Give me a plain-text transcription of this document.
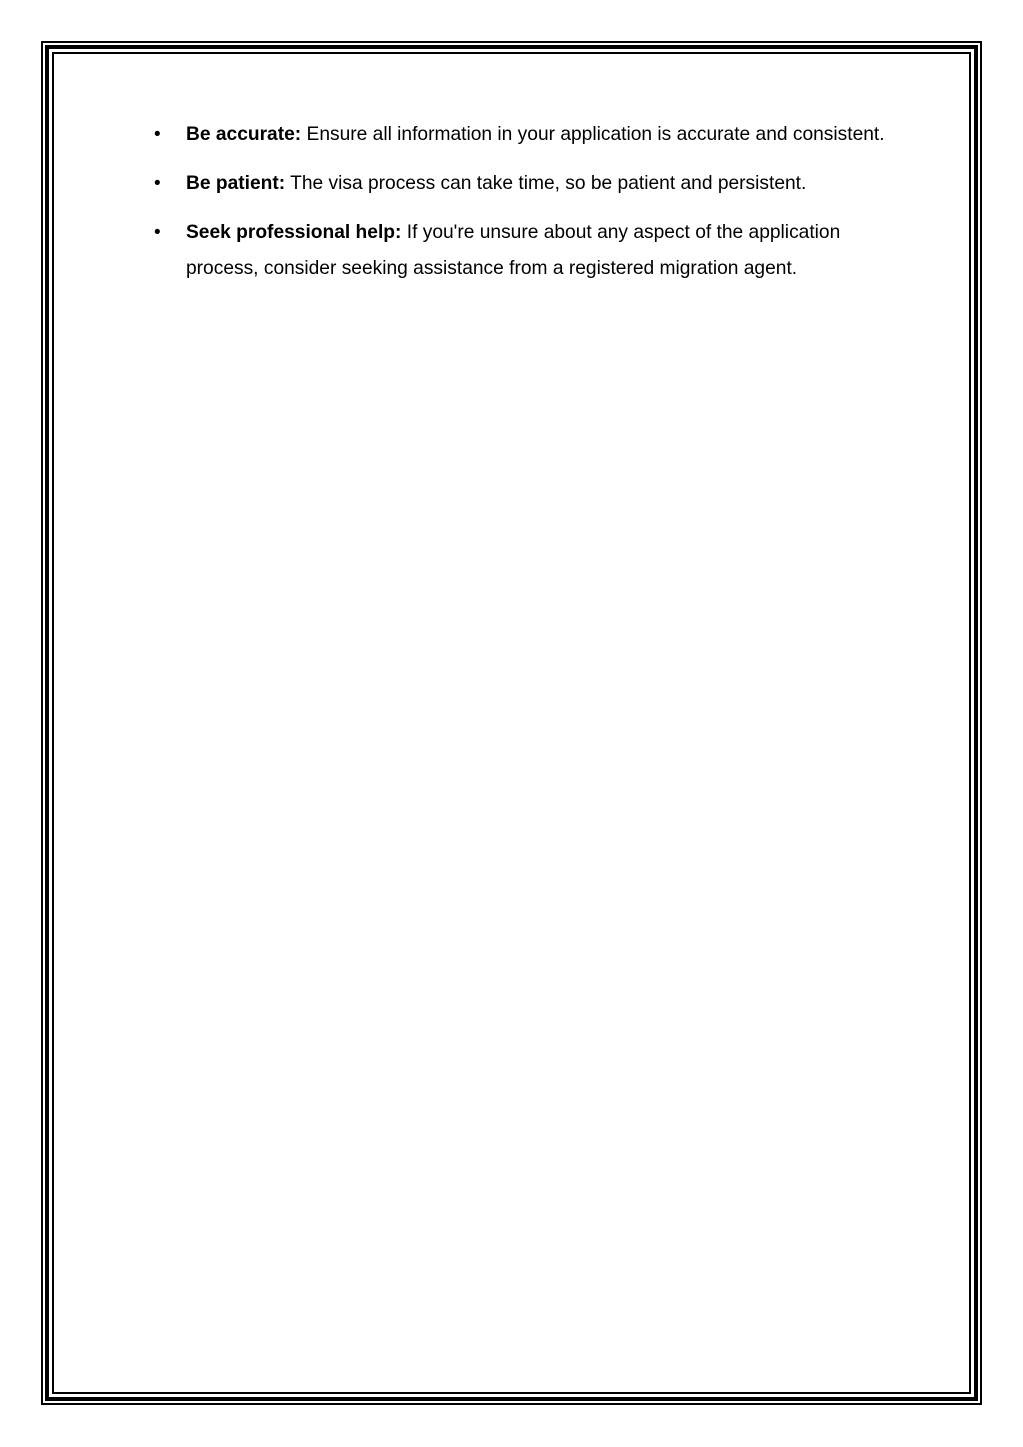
•	Be accurate: Ensure all information in your application is accurate and consistent.
•	Be patient: The visa process can take time, so be patient and persistent.
•	Seek professional help: If you're unsure about any aspect of the application process, consider seeking assistance from a registered migration agent.
